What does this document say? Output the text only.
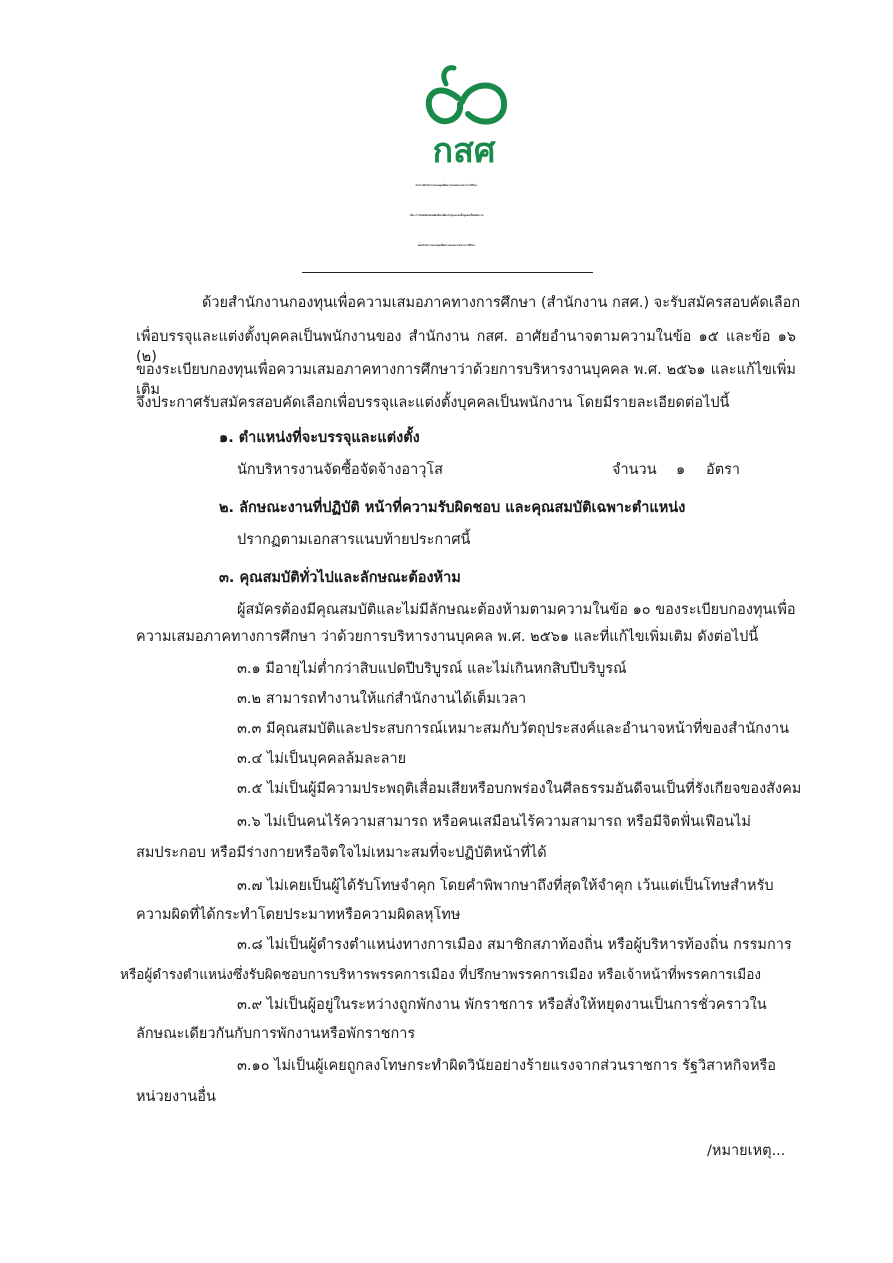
กสศ
ประกาศสำนักงานกองทุนเพื่อความเสมอภาคทางการศึกษา
เรื่อง การรับสมัครสอบคัดเลือกเพื่อบรรจุและแต่งตั้งบุคคลเป็นพนักงาน
ของสำนักงานกองทุนเพื่อความเสมอภาคทางการศึกษา
ด้วยสำนักงานกองทุนเพื่อความเสมอภาคทางการศึกษา (สำนักงาน กสศ.) จะรับสมัครสอบคัดเลือก
เพื่อบรรจุและแต่งตั้งบุคคลเป็นพนักงานของ สำนักงาน กสศ. อาศัยอำนาจตามความในข้อ ๑๕ และข้อ ๑๖ (๒)
ของระเบียบกองทุนเพื่อความเสมอภาคทางการศึกษาว่าด้วยการบริหารงานบุคคล พ.ศ. ๒๕๖๑ และแก้ไขเพิ่มเติม
จึงประกาศรับสมัครสอบคัดเลือกเพื่อบรรจุและแต่งตั้งบุคคลเป็นพนักงาน โดยมีรายละเอียดต่อไปนี้
๑. ตำแหน่งที่จะบรรจุและแต่งตั้ง
นักบริหารงานจัดซื้อจัดจ้างอาวุโส	จำนวน ๑ อัตรา
๒. ลักษณะงานที่ปฏิบัติ หน้าที่ความรับผิดชอบ และคุณสมบัติเฉพาะตำแหน่ง
ปรากฏตามเอกสารแนบท้ายประกาศนี้
๓. คุณสมบัติทั่วไปและลักษณะต้องห้าม
ผู้สมัครต้องมีคุณสมบัติและไม่มีลักษณะต้องห้ามตามความในข้อ ๑๐ ของระเบียบกองทุนเพื่อ
ความเสมอภาคทางการศึกษา ว่าด้วยการบริหารงานบุคคล พ.ศ. ๒๕๖๑ และที่แก้ไขเพิ่มเติม ดังต่อไปนี้
๓.๑ มีอายุไม่ต่ำกว่าสิบแปดปีบริบูรณ์ และไม่เกินหกสิบปีบริบูรณ์
๓.๒ สามารถทำงานให้แก่สำนักงานได้เต็มเวลา
๓.๓ มีคุณสมบัติและประสบการณ์เหมาะสมกับวัตถุประสงค์และอำนาจหน้าที่ของสำนักงาน
๓.๔ ไม่เป็นบุคคลล้มละลาย
๓.๕ ไม่เป็นผู้มีความประพฤติเสื่อมเสียหรือบกพร่องในศีลธรรมอันดีจนเป็นที่รังเกียจของสังคม
๓.๖ ไม่เป็นคนไร้ความสามารถ หรือคนเสมือนไร้ความสามารถ หรือมีจิตฟั่นเฟือนไม่
สมประกอบ หรือมีร่างกายหรือจิตใจไม่เหมาะสมที่จะปฏิบัติหน้าที่ได้
๓.๗ ไม่เคยเป็นผู้ได้รับโทษจำคุก โดยคำพิพากษาถึงที่สุดให้จำคุก เว้นแต่เป็นโทษสำหรับ
ความผิดที่ได้กระทำโดยประมาทหรือความผิดลหุโทษ
๓.๘ ไม่เป็นผู้ดำรงตำแหน่งทางการเมือง สมาชิกสภาท้องถิ่น หรือผู้บริหารท้องถิ่น กรรมการ
หรือผู้ดำรงตำแหน่งซึ่งรับผิดชอบการบริหารพรรคการเมือง ที่ปรึกษาพรรคการเมือง หรือเจ้าหน้าที่พรรคการเมือง
๓.๙ ไม่เป็นผู้อยู่ในระหว่างถูกพักงาน พักราชการ หรือสั่งให้หยุดงานเป็นการชั่วคราวใน
ลักษณะเดียวกันกับการพักงานหรือพักราชการ
๓.๑๐ ไม่เป็นผู้เคยถูกลงโทษกระทำผิดวินัยอย่างร้ายแรงจากส่วนราชการ รัฐวิสาหกิจหรือ
หน่วยงานอื่น
/หมายเหตุ...
